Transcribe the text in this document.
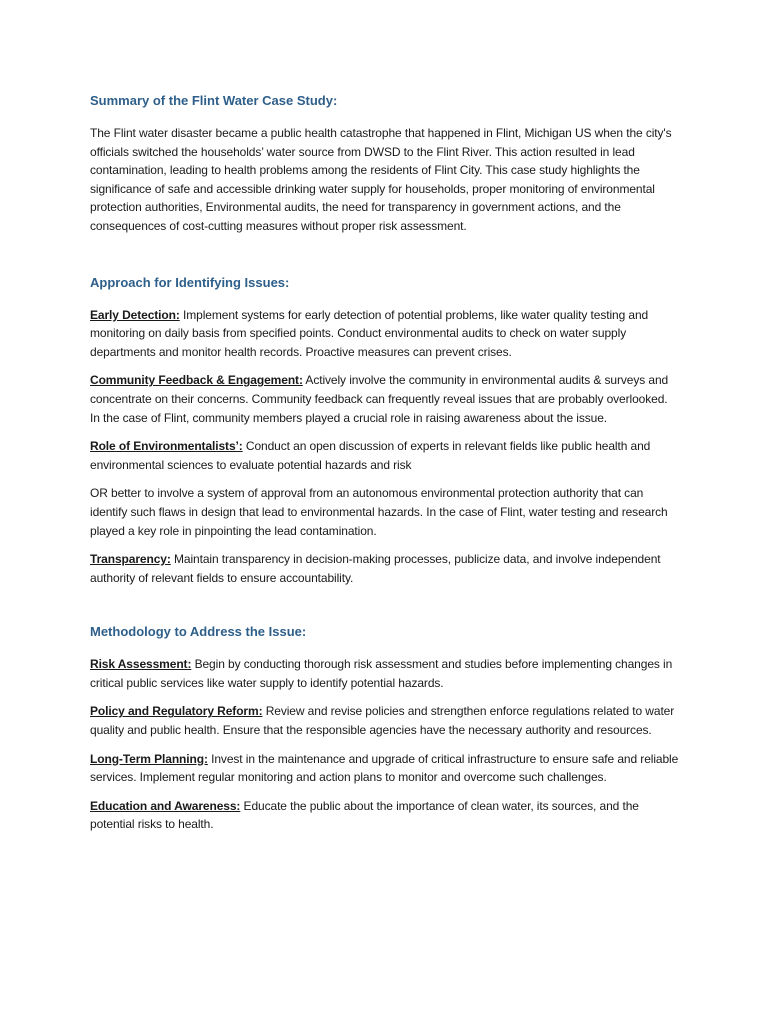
Summary of the Flint Water Case Study:

The Flint water disaster became a public health catastrophe that happened in Flint, Michigan US when the city's officials switched the households’ water source from DWSD to the Flint River. This action resulted in lead contamination, leading to health problems among the residents of Flint City. This case study highlights the significance of safe and accessible drinking water supply for households, proper monitoring of environmental protection authorities, Environmental audits, the need for transparency in government actions, and the consequences of cost-cutting measures without proper risk assessment.

Approach for Identifying Issues:

Early Detection: Implement systems for early detection of potential problems, like water quality testing and monitoring on daily basis from specified points. Conduct environmental audits to check on water supply departments and monitor health records. Proactive measures can prevent crises.

Community Feedback & Engagement: Actively involve the community in environmental audits & surveys and concentrate on their concerns. Community feedback can frequently reveal issues that are probably overlooked. In the case of Flint, community members played a crucial role in raising awareness about the issue.

Role of Environmentalists’: Conduct an open discussion of experts in relevant fields like public health and environmental sciences to evaluate potential hazards and risk

OR better to involve a system of approval from an autonomous environmental protection authority that can identify such flaws in design that lead to environmental hazards. In the case of Flint, water testing and research played a key role in pinpointing the lead contamination.

Transparency: Maintain transparency in decision-making processes, publicize data, and involve independent authority of relevant fields to ensure accountability.

Methodology to Address the Issue:

Risk Assessment: Begin by conducting thorough risk assessment and studies before implementing changes in critical public services like water supply to identify potential hazards.

Policy and Regulatory Reform: Review and revise policies and strengthen enforce regulations related to water quality and public health. Ensure that the responsible agencies have the necessary authority and resources.

Long-Term Planning: Invest in the maintenance and upgrade of critical infrastructure to ensure safe and reliable services. Implement regular monitoring and action plans to monitor and overcome such challenges.

Education and Awareness: Educate the public about the importance of clean water, its sources, and the potential risks to health.
